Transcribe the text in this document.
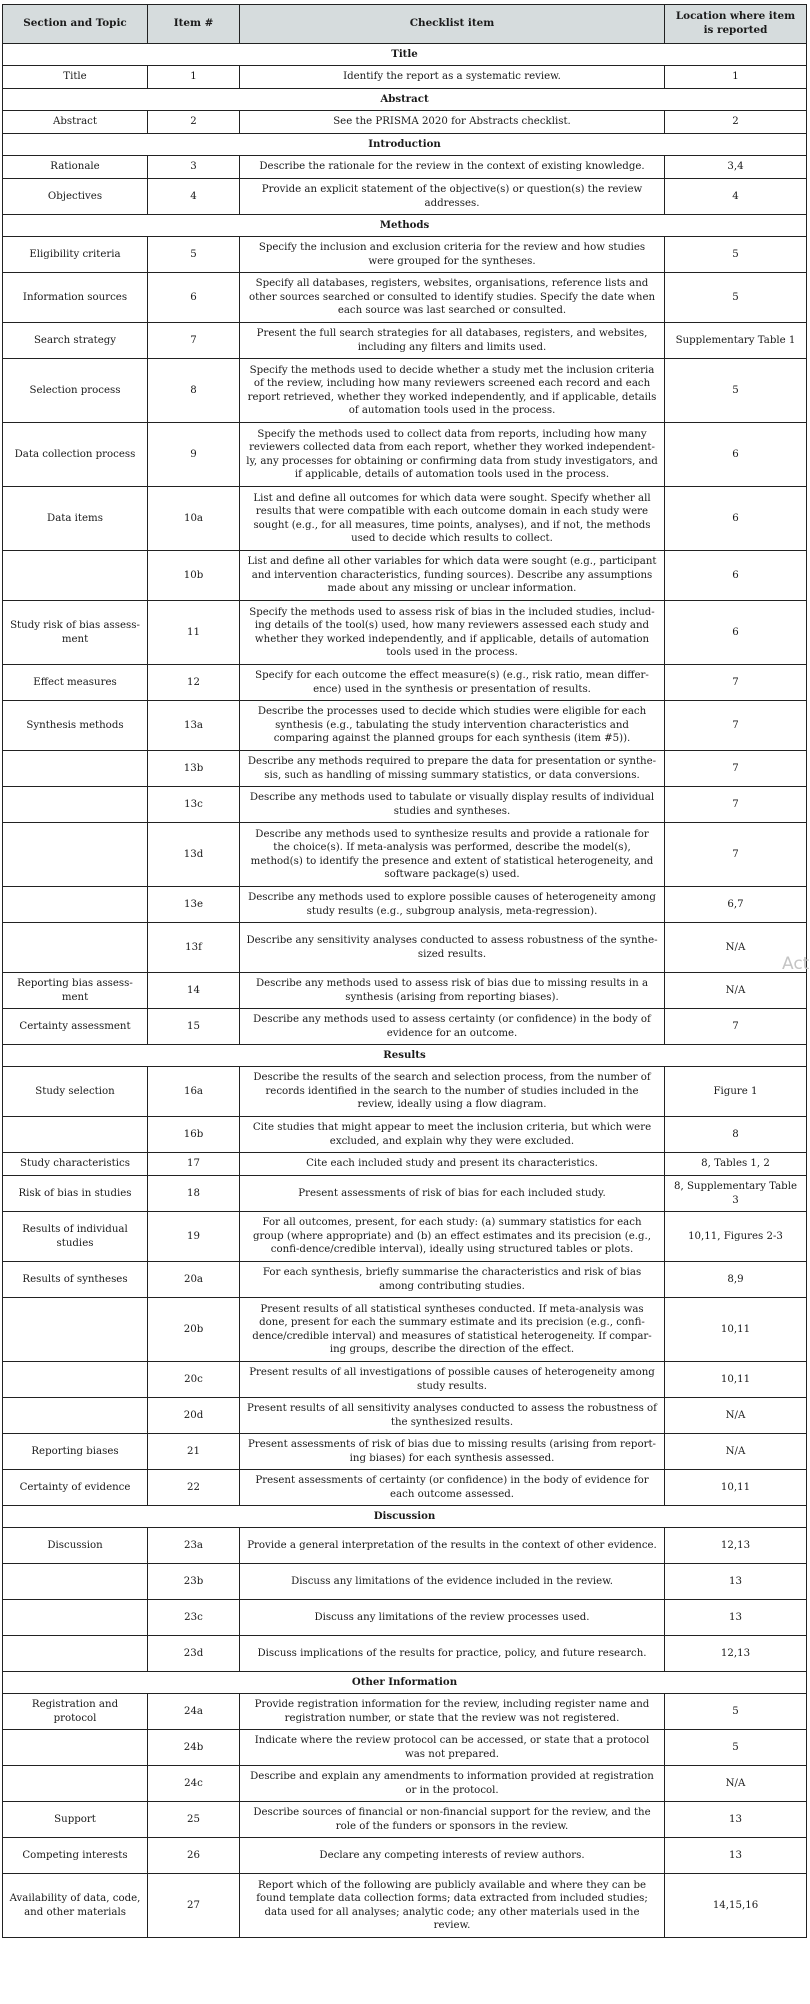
Section and Topic	Item #	Checklist item	Location where item is reported
Title			
Title	1	Identify the report as a systematic review.	1
Abstract			
Abstract	2	See the PRISMA 2020 for Abstracts checklist.	2
Introduction			
Rationale	3	Describe the rationale for the review in the context of existing knowledge.	3,4
Objectives	4	Provide an explicit statement of the objective(s) or question(s) the review addresses.	4
Methods			
Eligibility criteria	5	Specify the inclusion and exclusion criteria for the review and how studies were grouped for the syntheses.	5
Information sources	6	Specify all databases, registers, websites, organisations, reference lists and other sources searched or consulted to identify studies. Specify the date when each source was last searched or consulted.	5
Search strategy	7	Present the full search strategies for all databases, registers, and websites, including any filters and limits used.	Supplementary Table 1
Selection process	8	Specify the methods used to decide whether a study met the inclusion criteria of the review, including how many reviewers screened each record and each report retrieved, whether they worked independently, and if applicable, details of automation tools used in the process.	5
Data collection process	9	Specify the methods used to collect data from reports, including how many reviewers collected data from each report, whether they worked independent-ly, any processes for obtaining or confirming data from study investigators, and if applicable, details of automation tools used in the process.	6
Data items	10a	List and define all outcomes for which data were sought. Specify whether all results that were compatible with each outcome domain in each study were sought (e.g., for all measures, time points, analyses), and if not, the methods used to decide which results to collect.	6
	10b	List and define all other variables for which data were sought (e.g., participant and intervention characteristics, funding sources). Describe any assumptions made about any missing or unclear information.	6
Study risk of bias assess-ment	11	Specify the methods used to assess risk of bias in the included studies, includ-ing details of the tool(s) used, how many reviewers assessed each study and whether they worked independently, and if applicable, details of automation tools used in the process.	6
Effect measures	12	Specify for each outcome the effect measure(s) (e.g., risk ratio, mean differ-ence) used in the synthesis or presentation of results.	7
Synthesis methods	13a	Describe the processes used to decide which studies were eligible for each synthesis (e.g., tabulating the study intervention characteristics and comparing against the planned groups for each synthesis (item #5)).	7
	13b	Describe any methods required to prepare the data for presentation or synthe-sis, such as handling of missing summary statistics, or data conversions.	7
	13c	Describe any methods used to tabulate or visually display results of individual studies and syntheses.	7
	13d	Describe any methods used to synthesize results and provide a rationale for the choice(s). If meta-analysis was performed, describe the model(s), method(s) to identify the presence and extent of statistical heterogeneity, and software package(s) used.	7
	13e	Describe any methods used to explore possible causes of heterogeneity among study results (e.g., subgroup analysis, meta-regression).	6,7
	13f	Describe any sensitivity analyses conducted to assess robustness of the synthe-sized results.	N/A
Reporting bias assess-ment	14	Describe any methods used to assess risk of bias due to missing results in a synthesis (arising from reporting biases).	N/A
Certainty assessment	15	Describe any methods used to assess certainty (or confidence) in the body of evidence for an outcome.	7
Results			
Study selection	16a	Describe the results of the search and selection process, from the number of records identified in the search to the number of studies included in the review, ideally using a flow diagram.	Figure 1
	16b	Cite studies that might appear to meet the inclusion criteria, but which were excluded, and explain why they were excluded.	8
Study characteristics	17	Cite each included study and present its characteristics.	8, Tables 1, 2
Risk of bias in studies	18	Present assessments of risk of bias for each included study.	8, Supplementary Table 3
Results of individual studies	19	For all outcomes, present, for each study: (a) summary statistics for each group (where appropriate) and (b) an effect estimates and its precision (e.g., confi-dence/credible interval), ideally using structured tables or plots.	10,11, Figures 2-3
Results of syntheses	20a	For each synthesis, briefly summarise the characteristics and risk of bias among contributing studies.	8,9
	20b	Present results of all statistical syntheses conducted. If meta-analysis was done, present for each the summary estimate and its precision (e.g., confi-dence/credible interval) and measures of statistical heterogeneity. If compar-ing groups, describe the direction of the effect.	10,11
	20c	Present results of all investigations of possible causes of heterogeneity among study results.	10,11
	20d	Present results of all sensitivity analyses conducted to assess the robustness of the synthesized results.	N/A
Reporting biases	21	Present assessments of risk of bias due to missing results (arising from report-ing biases) for each synthesis assessed.	N/A
Certainty of evidence	22	Present assessments of certainty (or confidence) in the body of evidence for each outcome assessed.	10,11
Discussion			
Discussion	23a	Provide a general interpretation of the results in the context of other evidence.	12,13
	23b	Discuss any limitations of the evidence included in the review.	13
	23c	Discuss any limitations of the review processes used.	13
	23d	Discuss implications of the results for practice, policy, and future research.	12,13
Other Information			
Registration and protocol	24a	Provide registration information for the review, including register name and registration number, or state that the review was not registered.	5
	24b	Indicate where the review protocol can be accessed, or state that a protocol was not prepared.	5
	24c	Describe and explain any amendments to information provided at registration or in the protocol.	N/A
Support	25	Describe sources of financial or non-financial support for the review, and the role of the funders or sponsors in the review.	13
Competing interests	26	Declare any competing interests of review authors.	13
Availability of data, code, and other materials	27	Report which of the following are publicly available and where they can be found template data collection forms; data extracted from included studies; data used for all analyses; analytic code; any other materials used in the review.	14,15,16
Act
